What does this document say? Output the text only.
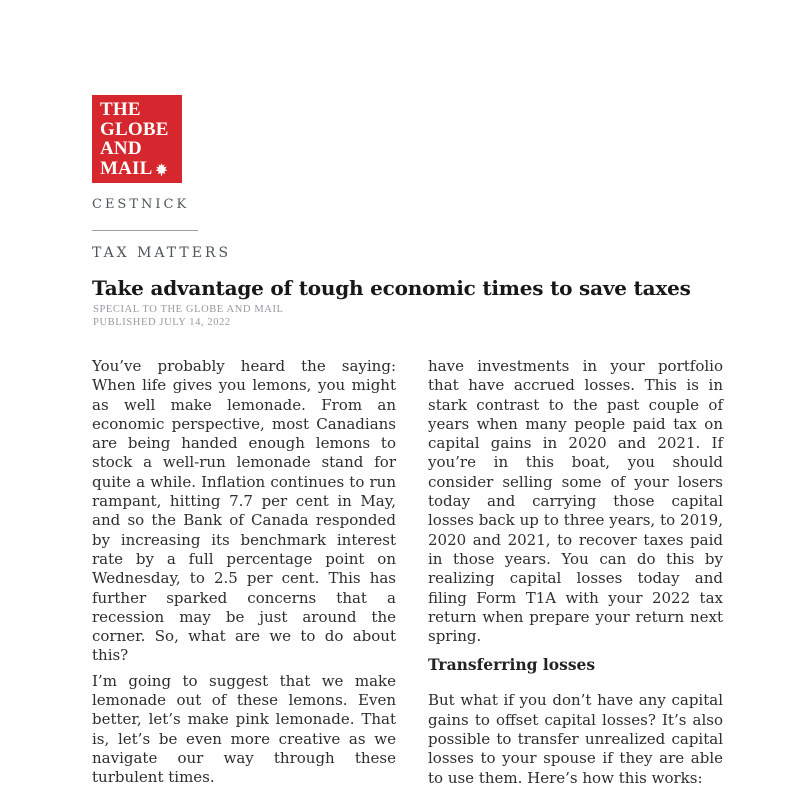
THE
GLOBE
AND
MAIL
CESTNICK
TAX MATTERS
Take advantage of tough economic times to save taxes
SPECIAL TO THE GLOBE AND MAIL
PUBLISHED JULY 14, 2022

You’ve probably heard the saying: When life gives you lemons, you might as well make lemonade. From an economic perspective, most Canadians are being handed enough lemons to stock a well-run lemonade stand for quite a while. Inflation continues to run rampant, hitting 7.7 per cent in May, and so the Bank of Canada responded by increasing its benchmark interest rate by a full percentage point on Wednesday, to 2.5 per cent. This has further sparked concerns that a recession may be just around the corner. So, what are we to do about this?

I’m going to suggest that we make lemonade out of these lemons. Even better, let’s make pink lemonade. That is, let’s be even more creative as we navigate our way through these turbulent times.

have investments in your portfolio that have accrued losses. This is in stark contrast to the past couple of years when many people paid tax on capital gains in 2020 and 2021. If you’re in this boat, you should consider selling some of your losers today and carrying those capital losses back up to three years, to 2019, 2020 and 2021, to recover taxes paid in those years. You can do this by realizing capital losses today and filing Form T1A with your 2022 tax return when prepare your return next spring.

Transferring losses

But what if you don’t have any capital gains to offset capital losses? It’s also possible to transfer unrealized capital losses to your spouse if they are able to use them. Here’s how this works:
